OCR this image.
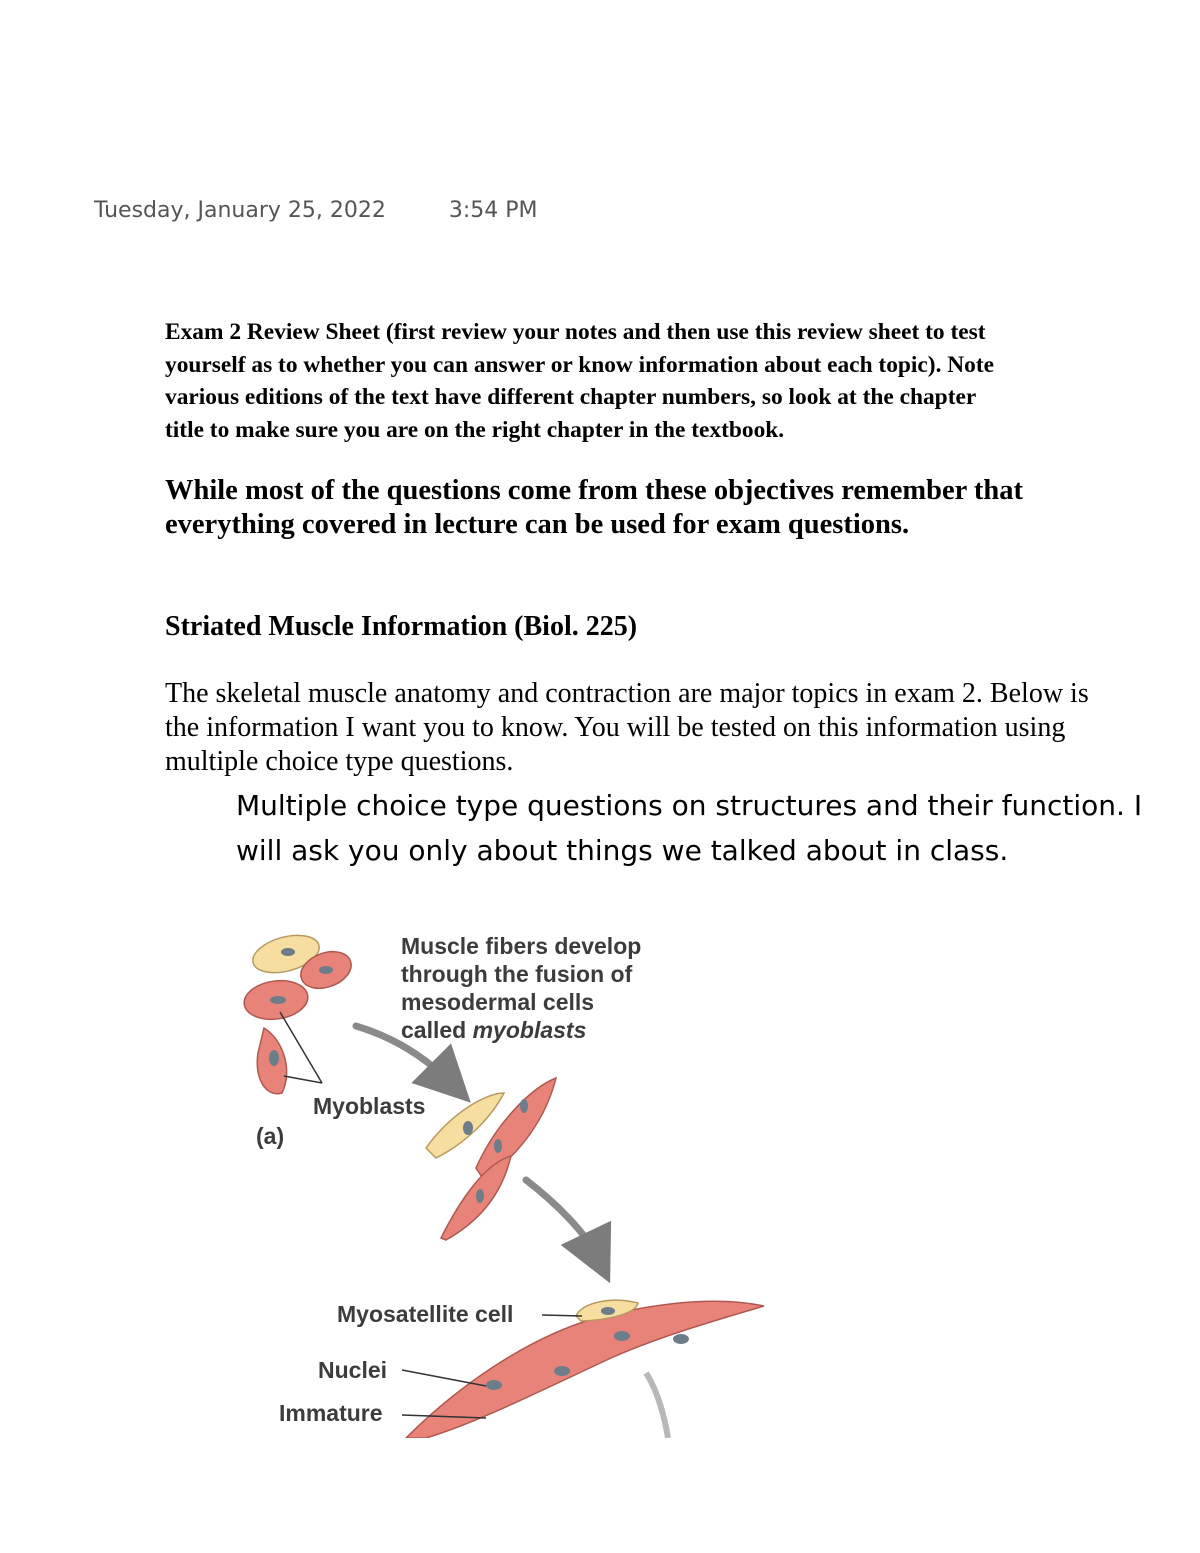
Tuesday, January 25, 2022	3:54 PM
Exam 2 Review Sheet (first review your notes and then use this review sheet to test
yourself as to whether you can answer or know information about each topic). Note
various editions of the text have different chapter numbers, so look at the chapter
title to make sure you are on the right chapter in the textbook.
While most of the questions come from these objectives remember that
everything covered in lecture can be used for exam questions.
Striated Muscle Information (Biol. 225)
The skeletal muscle anatomy and contraction are major topics in exam 2. Below is
the information I want you to know. You will be tested on this information using
multiple choice type questions.
Multiple choice type questions on structures and their function. I
will ask you only about things we talked about in class.
Muscle fibers develop
through the fusion of
mesodermal cells
called myoblasts
Myoblasts
(a)
Myosatellite cell
Nuclei
Immature
